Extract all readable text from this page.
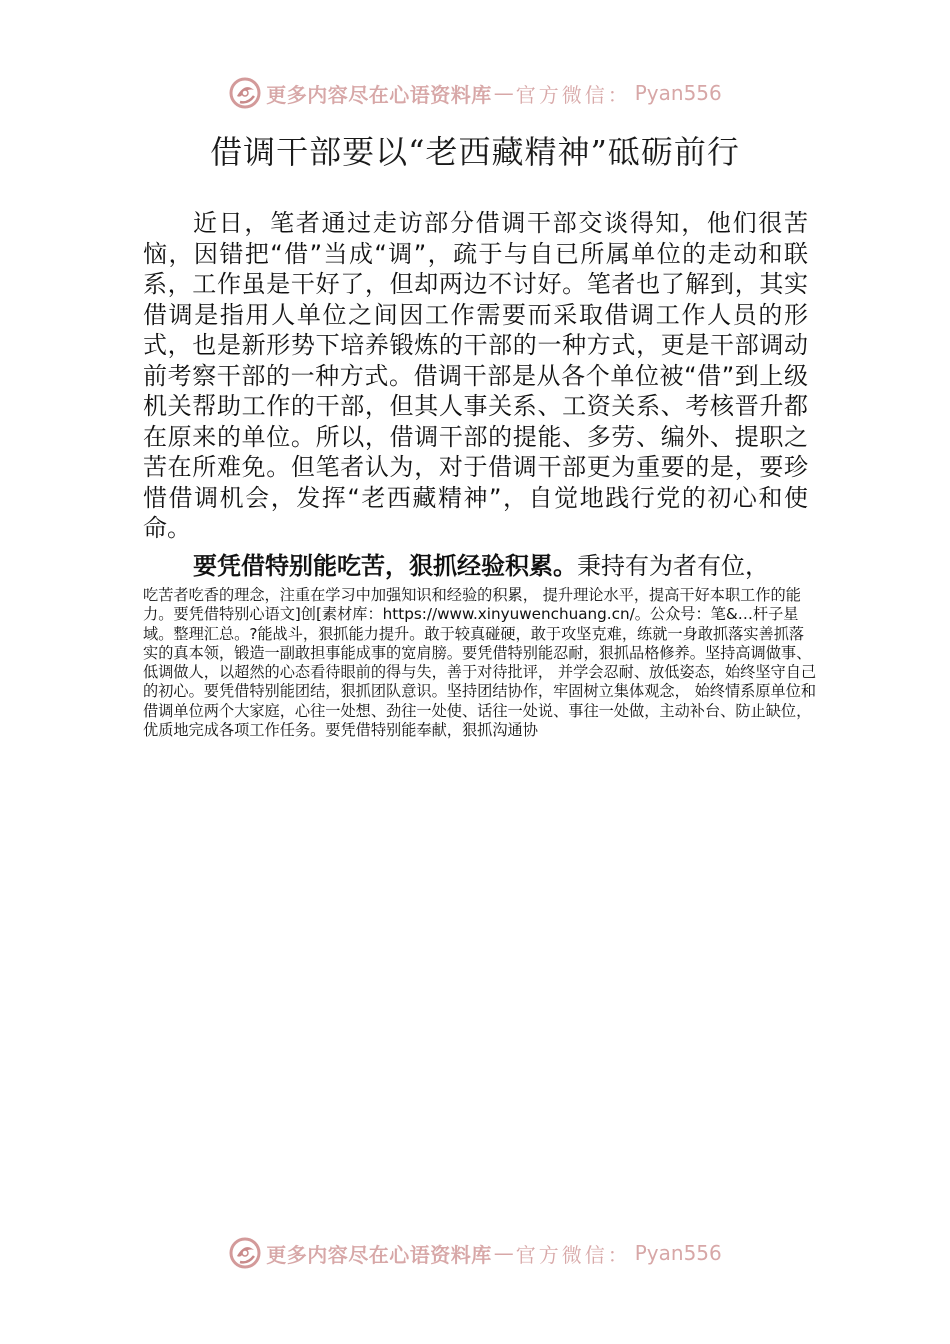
更多内容尽在心语资料库 — 官方微信： Pyan556
借调干部要以“老西藏精神”砥砺前行

近日，笔者通过走访部分借调干部交谈得知，他们很苦恼，因错把“借”当成“调”，疏于与自已所属单位的走动和联系，工作虽是干好了，但却两边不讨好。笔者也了解到，其实借调是指用人单位之间因工作需要而采取借调工作人员的形式，也是新形势下培养锻炼的干部的一种方式，更是干部调动前考察干部的一种方式。借调干部是从各个单位被“借”到上级机关帮助工作的干部，但其人事关系、工资关系、考核晋升都在原来的单位。所以，借调干部的提能、多劳、编外、提职之苦在所难免。但笔者认为，对于借调干部更为重要的是，要珍惜借调机会，发挥“老西藏精神”，自觉地践行党的初心和使命。

要凭借特别能吃苦，狠抓经验积累。秉持有为者有位，

吃苦者吃香的理念，注重在学习中加强知识和经验的积累， 提升理论水平，提高干好本职工作的能力。要凭借特别心语文]创[素材库：https://www.xinyuwenchuang.cn/。公众号：笔&…杆子星域。整理汇总。?能战斗，狠抓能力提升。敢于较真碰硬，敢于攻坚克难，练就一身敢抓落实善抓落实的真本领，锻造一副敢担事能成事的宽肩膀。要凭借特别能忍耐，狠抓品格修养。坚持高调做事、低调做人，以超然的心态看待眼前的得与失，善于对待批评， 并学会忍耐、放低姿态，始终坚守自己的初心。要凭借特别能团结，狠抓团队意识。坚持团结协作，牢固树立集体观念， 始终情系原单位和借调单位两个大家庭，心往一处想、劲往一处使、话往一处说、事往一处做，主动补台、防止缺位， 优质地完成各项工作任务。要凭借特别能奉献，狠抓沟通协

更多内容尽在心语资料库 — 官方微信： Pyan556
